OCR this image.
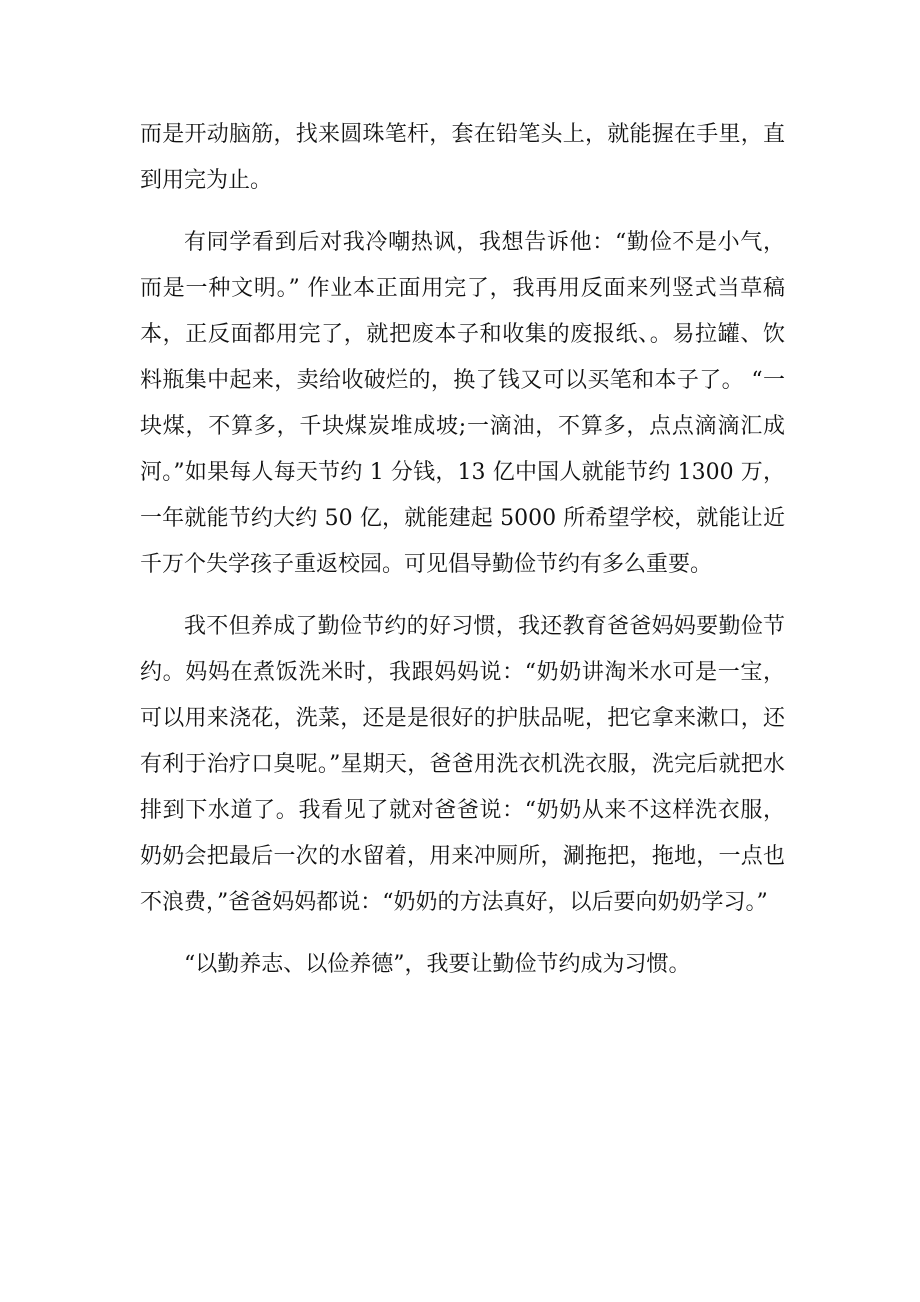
而是开动脑筋，找来圆珠笔杆，套在铅笔头上，就能握在手里，直到用完为止。

有同学看到后对我冷嘲热讽，我想告诉他：“勤俭不是小气，而是一种文明。” 作业本正面用完了，我再用反面来列竖式当草稿本，正反面都用完了，就把废本子和收集的废报纸、。易拉罐、饮料瓶集中起来，卖给收破烂的，换了钱又可以买笔和本子了。 “一块煤，不算多，千块煤炭堆成坡;一滴油，不算多，点点滴滴汇成河。”如果每人每天节约 1 分钱，13 亿中国人就能节约 1300 万，一年就能节约大约 50 亿，就能建起 5000 所希望学校，就能让近千万个失学孩子重返校园。可见倡导勤俭节约有多么重要。

我不但养成了勤俭节约的好习惯，我还教育爸爸妈妈要勤俭节约。妈妈在煮饭洗米时，我跟妈妈说：“奶奶讲淘米水可是一宝，可以用来浇花，洗菜，还是是很好的护肤品呢，把它拿来漱口，还有利于治疗口臭呢。”星期天，爸爸用洗衣机洗衣服，洗完后就把水排到下水道了。我看见了就对爸爸说：“奶奶从来不这样洗衣服，奶奶会把最后一次的水留着，用来冲厕所，涮拖把，拖地，一点也不浪费，”爸爸妈妈都说：“奶奶的方法真好，以后要向奶奶学习。”

“以勤养志、以俭养德”，我要让勤俭节约成为习惯。
